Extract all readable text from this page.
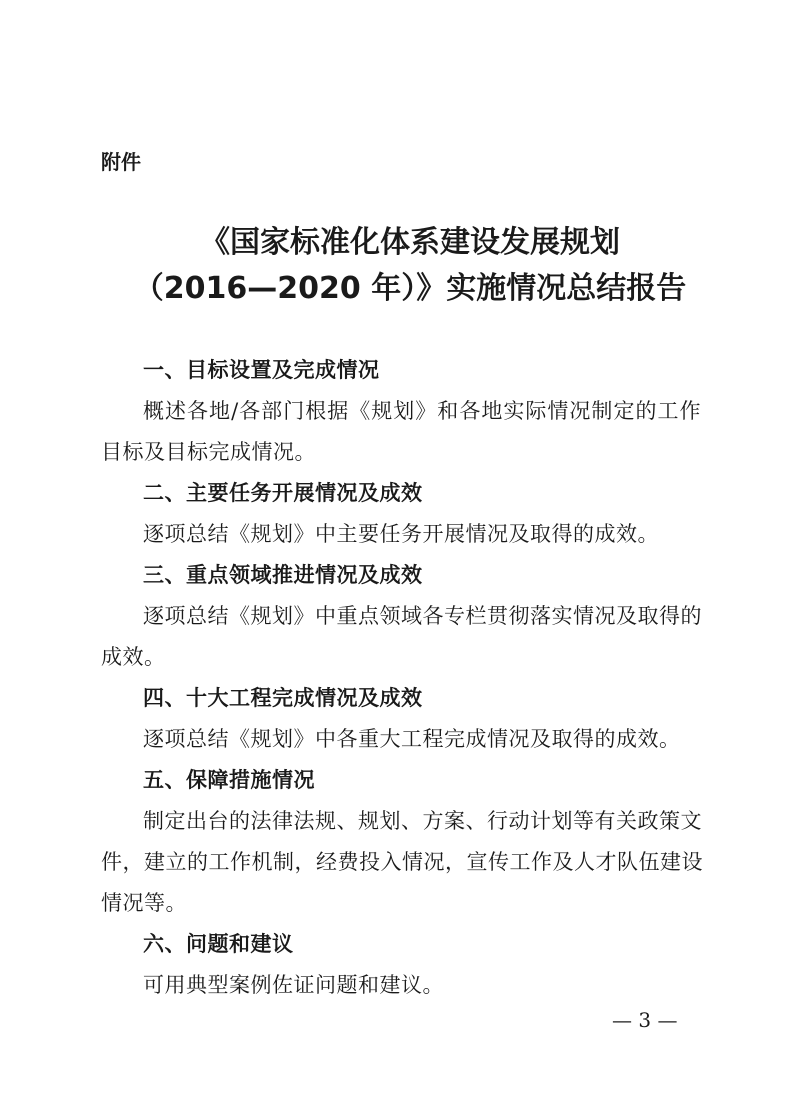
附件
《国家标准化体系建设发展规划
（2016—2020 年）》实施情况总结报告
一、目标设置及完成情况
概述各地/各部门根据《规划》和各地实际情况制定的工作
目标及目标完成情况。
二、主要任务开展情况及成效
逐项总结《规划》中主要任务开展情况及取得的成效。
三、重点领域推进情况及成效
逐项总结《规划》中重点领域各专栏贯彻落实情况及取得的
成效。
四、十大工程完成情况及成效
逐项总结《规划》中各重大工程完成情况及取得的成效。
五、保障措施情况
制定出台的法律法规、规划、方案、行动计划等有关政策文
件，建立的工作机制，经费投入情况，宣传工作及人才队伍建设
情况等。
六、问题和建议
可用典型案例佐证问题和建议。
— 3 —
